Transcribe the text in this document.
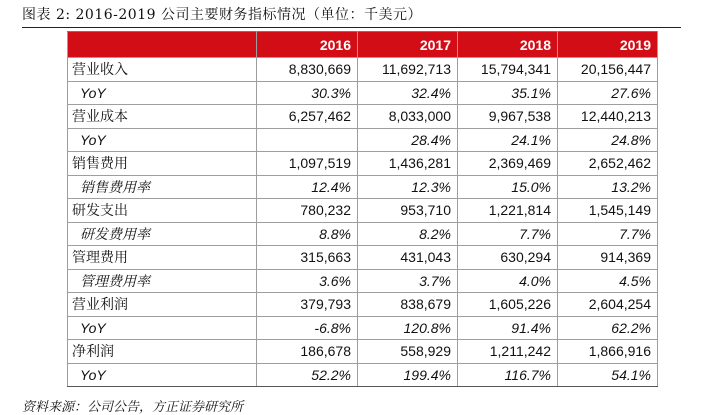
图表 2: 2016-2019 公司主要财务指标情况（单位：千美元）
	2016	2017	2018	2019
营业收入	8,830,669	11,692,713	15,794,341	20,156,447
YoY	30.3%	32.4%	35.1%	27.6%
营业成本	6,257,462	8,033,000	9,967,538	12,440,213
YoY		28.4%	24.1%	24.8%
销售费用	1,097,519	1,436,281	2,369,469	2,652,462
销售费用率	12.4%	12.3%	15.0%	13.2%
研发支出	780,232	953,710	1,221,814	1,545,149
研发费用率	8.8%	8.2%	7.7%	7.7%
管理费用	315,663	431,043	630,294	914,369
管理费用率	3.6%	3.7%	4.0%	4.5%
营业利润	379,793	838,679	1,605,226	2,604,254
YoY	-6.8%	120.8%	91.4%	62.2%
净利润	186,678	558,929	1,211,242	1,866,916
YoY	52.2%	199.4%	116.7%	54.1%
资料来源：公司公告，方正证券研究所
